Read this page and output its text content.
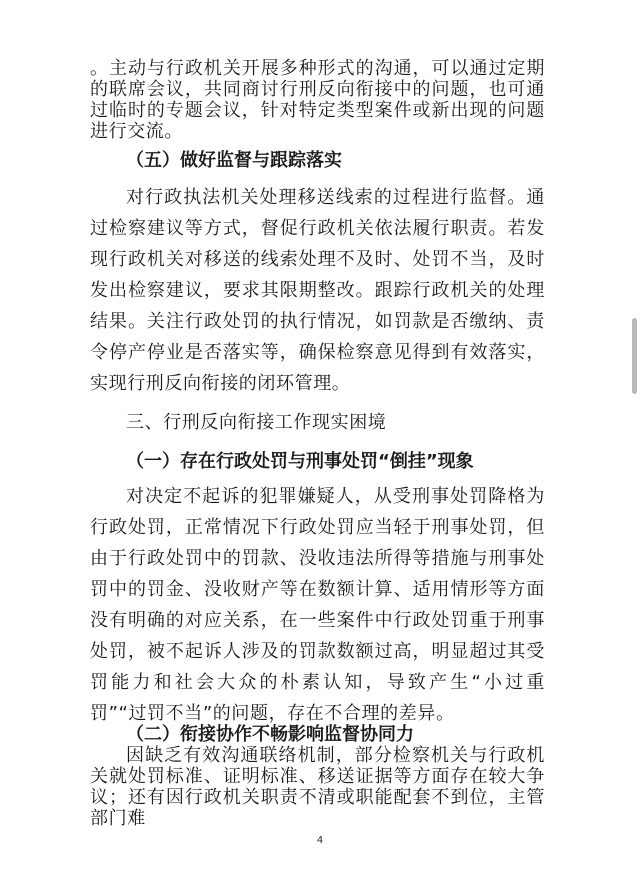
。主动与行政机关开展多种形式的沟通，可以通过定期的联席会议，共同商讨行刑反向衔接中的问题，也可通过临时的专题会议，针对特定类型案件或新出现的问题进行交流。

（五）做好监督与跟踪落实

对行政执法机关处理移送线索的过程进行监督。通过检察建议等方式，督促行政机关依法履行职责。若发现行政机关对移送的线索处理不及时、处罚不当，及时发出检察建议，要求其限期整改。跟踪行政机关的处理结果。关注行政处罚的执行情况，如罚款是否缴纳、责令停产停业是否落实等，确保检察意见得到有效落实，实现行刑反向衔接的闭环管理。

三、行刑反向衔接工作现实困境

（一）存在行政处罚与刑事处罚“倒挂”现象

对决定不起诉的犯罪嫌疑人，从受刑事处罚降格为行政处罚，正常情况下行政处罚应当轻于刑事处罚，但由于行政处罚中的罚款、没收违法所得等措施与刑事处罚中的罚金、没收财产等在数额计算、适用情形等方面没有明确的对应关系，在一些案件中行政处罚重于刑事处罚，被不起诉人涉及的罚款数额过高，明显超过其受罚能力和社会大众的朴素认知，导致产生“小过重罚”“过罚不当”的问题，存在不合理的差异。

（二）衔接协作不畅影响监督协同力

因缺乏有效沟通联络机制，部分检察机关与行政机关就处罚标准、证明标准、移送证据等方面存在较大争议；还有因行政机关职责不清或职能配套不到位，主管部门难

4
